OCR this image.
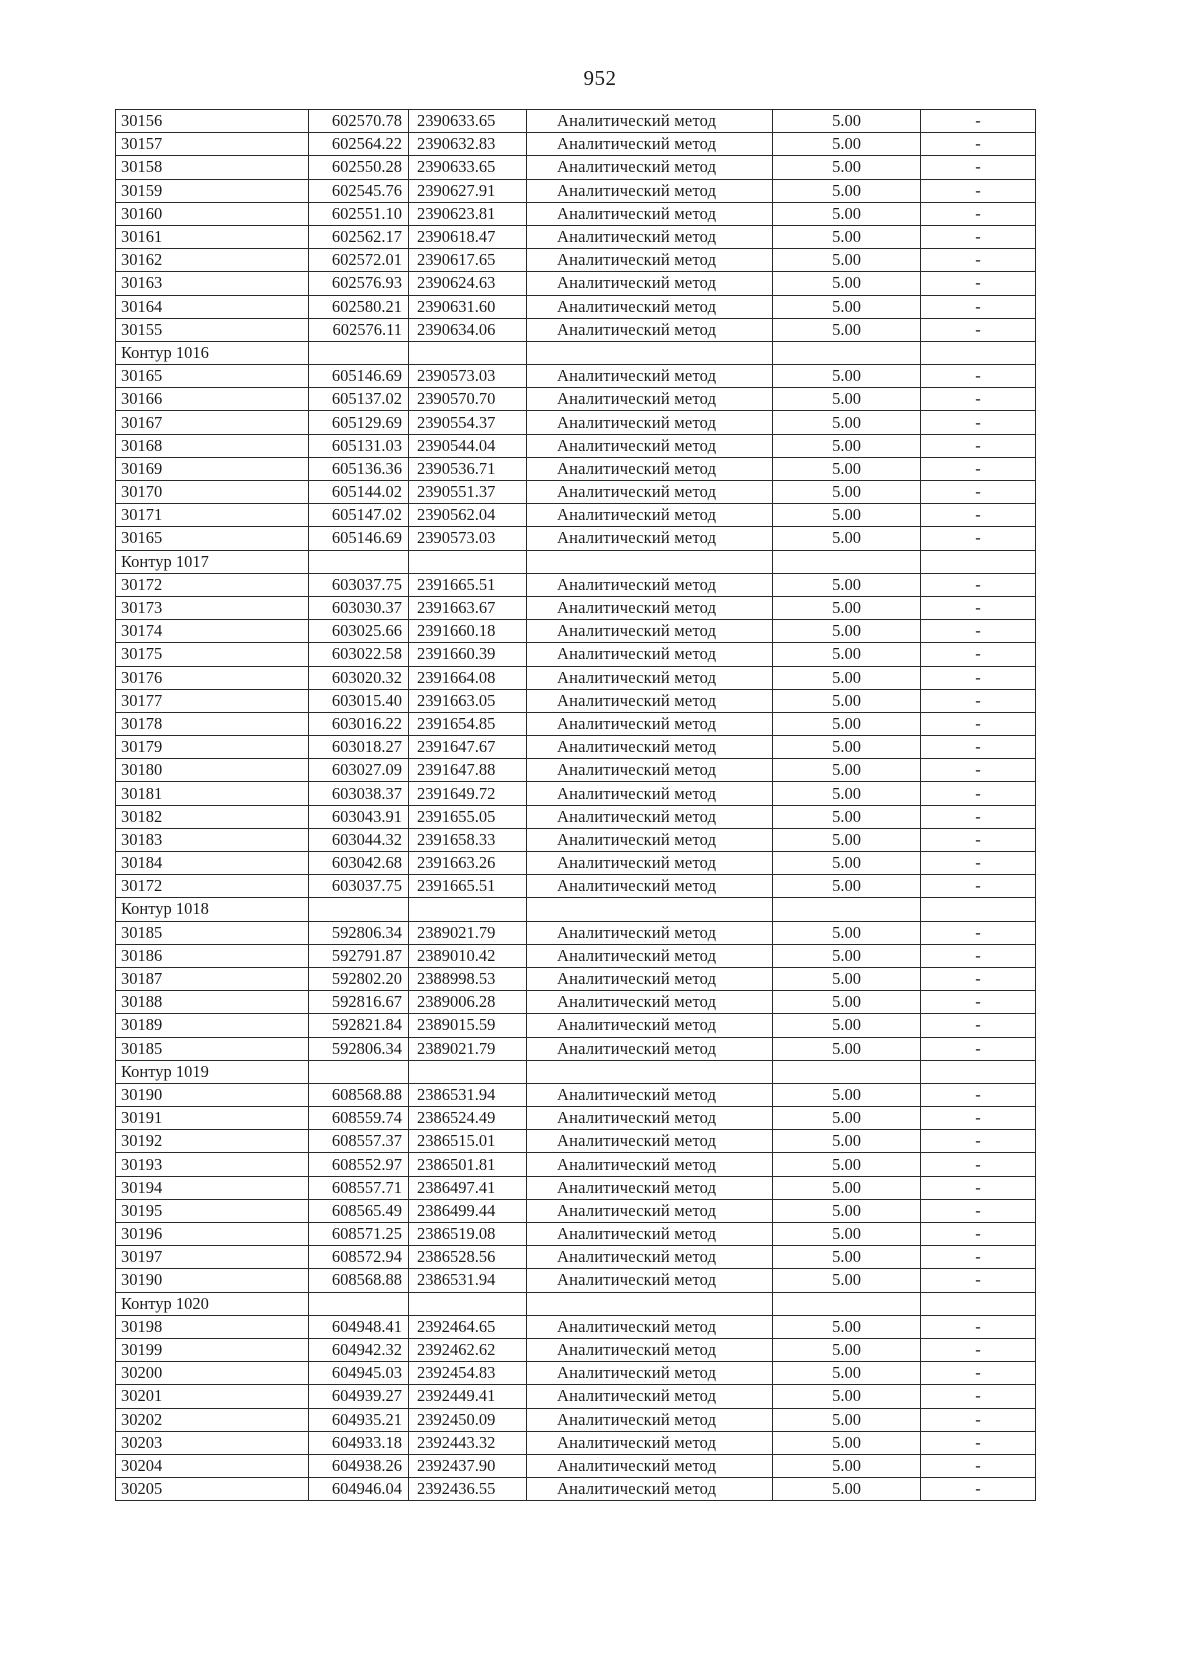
952
30156	602570.78	2390633.65	Аналитический метод	5.00	-
30157	602564.22	2390632.83	Аналитический метод	5.00	-
30158	602550.28	2390633.65	Аналитический метод	5.00	-
30159	602545.76	2390627.91	Аналитический метод	5.00	-
30160	602551.10	2390623.81	Аналитический метод	5.00	-
30161	602562.17	2390618.47	Аналитический метод	5.00	-
30162	602572.01	2390617.65	Аналитический метод	5.00	-
30163	602576.93	2390624.63	Аналитический метод	5.00	-
30164	602580.21	2390631.60	Аналитический метод	5.00	-
30155	602576.11	2390634.06	Аналитический метод	5.00	-
Контур 1016					
30165	605146.69	2390573.03	Аналитический метод	5.00	-
30166	605137.02	2390570.70	Аналитический метод	5.00	-
30167	605129.69	2390554.37	Аналитический метод	5.00	-
30168	605131.03	2390544.04	Аналитический метод	5.00	-
30169	605136.36	2390536.71	Аналитический метод	5.00	-
30170	605144.02	2390551.37	Аналитический метод	5.00	-
30171	605147.02	2390562.04	Аналитический метод	5.00	-
30165	605146.69	2390573.03	Аналитический метод	5.00	-
Контур 1017					
30172	603037.75	2391665.51	Аналитический метод	5.00	-
30173	603030.37	2391663.67	Аналитический метод	5.00	-
30174	603025.66	2391660.18	Аналитический метод	5.00	-
30175	603022.58	2391660.39	Аналитический метод	5.00	-
30176	603020.32	2391664.08	Аналитический метод	5.00	-
30177	603015.40	2391663.05	Аналитический метод	5.00	-
30178	603016.22	2391654.85	Аналитический метод	5.00	-
30179	603018.27	2391647.67	Аналитический метод	5.00	-
30180	603027.09	2391647.88	Аналитический метод	5.00	-
30181	603038.37	2391649.72	Аналитический метод	5.00	-
30182	603043.91	2391655.05	Аналитический метод	5.00	-
30183	603044.32	2391658.33	Аналитический метод	5.00	-
30184	603042.68	2391663.26	Аналитический метод	5.00	-
30172	603037.75	2391665.51	Аналитический метод	5.00	-
Контур 1018					
30185	592806.34	2389021.79	Аналитический метод	5.00	-
30186	592791.87	2389010.42	Аналитический метод	5.00	-
30187	592802.20	2388998.53	Аналитический метод	5.00	-
30188	592816.67	2389006.28	Аналитический метод	5.00	-
30189	592821.84	2389015.59	Аналитический метод	5.00	-
30185	592806.34	2389021.79	Аналитический метод	5.00	-
Контур 1019					
30190	608568.88	2386531.94	Аналитический метод	5.00	-
30191	608559.74	2386524.49	Аналитический метод	5.00	-
30192	608557.37	2386515.01	Аналитический метод	5.00	-
30193	608552.97	2386501.81	Аналитический метод	5.00	-
30194	608557.71	2386497.41	Аналитический метод	5.00	-
30195	608565.49	2386499.44	Аналитический метод	5.00	-
30196	608571.25	2386519.08	Аналитический метод	5.00	-
30197	608572.94	2386528.56	Аналитический метод	5.00	-
30190	608568.88	2386531.94	Аналитический метод	5.00	-
Контур 1020					
30198	604948.41	2392464.65	Аналитический метод	5.00	-
30199	604942.32	2392462.62	Аналитический метод	5.00	-
30200	604945.03	2392454.83	Аналитический метод	5.00	-
30201	604939.27	2392449.41	Аналитический метод	5.00	-
30202	604935.21	2392450.09	Аналитический метод	5.00	-
30203	604933.18	2392443.32	Аналитический метод	5.00	-
30204	604938.26	2392437.90	Аналитический метод	5.00	-
30205	604946.04	2392436.55	Аналитический метод	5.00	-
